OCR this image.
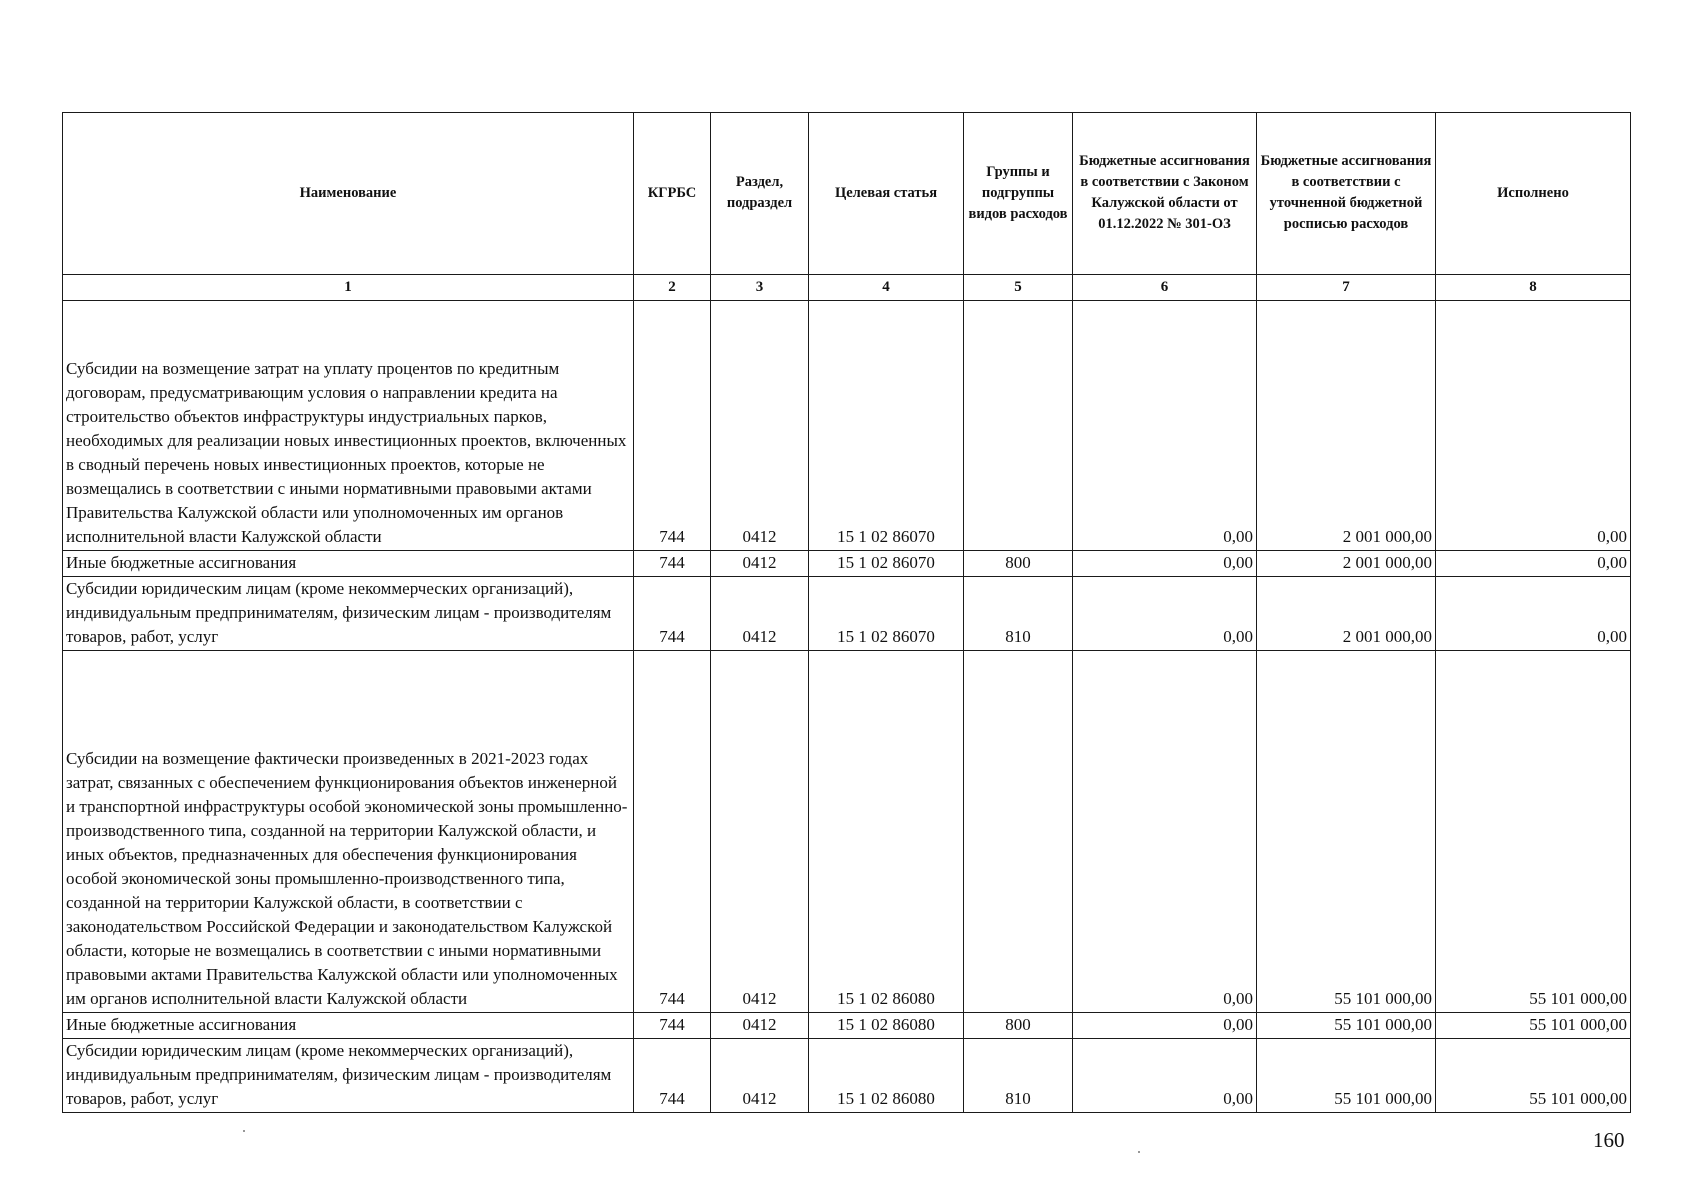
Наименование	КГРБС	Раздел, подраздел	Целевая статья	Группы и подгруппы видов расходов	Бюджетные ассигнования в соответствии с Законом Калужской области от 01.12.2022 № 301-ОЗ	Бюджетные ассигнования в соответствии с уточненной бюджетной росписью расходов	Исполнено
1	2	3	4	5	6	7	8
Субсидии на возмещение затрат на уплату процентов по кредитным договорам, предусматривающим условия о направлении кредита на строительство объектов инфраструктуры индустриальных парков, необходимых для реализации новых инвестиционных проектов, включенных в сводный перечень новых инвестиционных проектов, которые не возмещались в соответствии с иными нормативными правовыми актами Правительства Калужской области или уполномоченных им органов исполнительной власти Калужской области	744	0412	15 1 02 86070		0,00	2 001 000,00	0,00
Иные бюджетные ассигнования	744	0412	15 1 02 86070	800	0,00	2 001 000,00	0,00
Субсидии юридическим лицам (кроме некоммерческих организаций), индивидуальным предпринимателям, физическим лицам - производителям товаров, работ, услуг	744	0412	15 1 02 86070	810	0,00	2 001 000,00	0,00
Субсидии на возмещение фактически произведенных в 2021-2023 годах затрат, связанных с обеспечением функционирования объектов инженерной и транспортной инфраструктуры особой экономической зоны промышленно-производственного типа, созданной на территории Калужской области, и иных объектов, предназначенных для обеспечения функционирования особой экономической зоны промышленно-производственного типа, созданной на территории Калужской области, в соответствии с законодательством Российской Федерации и законодательством Калужской области, которые не возмещались в соответствии с иными нормативными правовыми актами Правительства Калужской области или уполномоченных им органов исполнительной власти Калужской области	744	0412	15 1 02 86080		0,00	55 101 000,00	55 101 000,00
Иные бюджетные ассигнования	744	0412	15 1 02 86080	800	0,00	55 101 000,00	55 101 000,00
Субсидии юридическим лицам (кроме некоммерческих организаций), индивидуальным предпринимателям, физическим лицам - производителям товаров, работ, услуг	744	0412	15 1 02 86080	810	0,00	55 101 000,00	55 101 000,00
160
